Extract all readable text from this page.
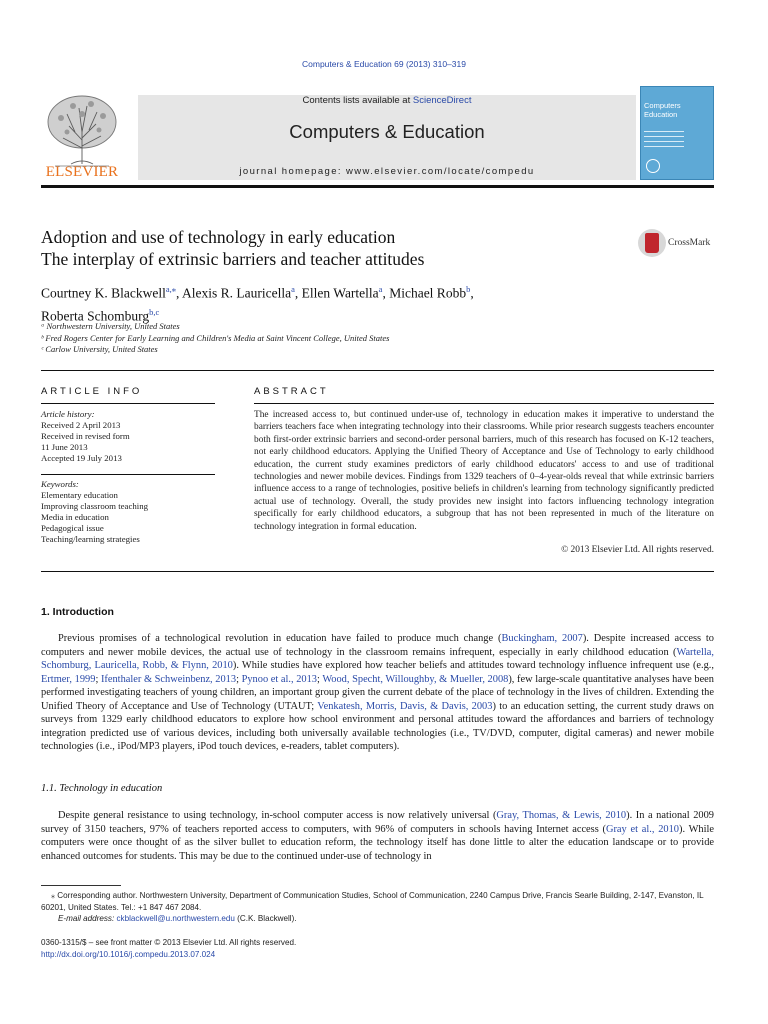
Computers & Education 69 (2013) 310–319
ELSEVIER
Contents lists available at ScienceDirect
Computers & Education
journal homepage: www.elsevier.com/locate/compedu
Computers
Education
Adoption and use of technology in early education
The interplay of extrinsic barriers and teacher attitudes
CrossMark
Courtney K. Blackwell$^{a,⁎}$, Alexis R. Lauricella$^a$, Ellen Wartella$^a$, Michael Robb$^b$,
Roberta Schomburg$^{b,c}$
ᵃ Northwestern University, United States
ᵇ Fred Rogers Center for Early Learning and Children's Media at Saint Vincent College, United States
ᶜ Carlow University, United States
ARTICLE INFO	ABSTRACT
Article history:
Received 2 April 2013
Received in revised form
11 June 2013
Accepted 19 July 2013
Keywords:
Elementary education
Improving classroom teaching
Media in education
Pedagogical issue
Teaching/learning strategies
The increased access to, but continued under-use of, technology in education makes it imperative to understand the barriers teachers face when integrating technology into their classrooms. While prior research suggests teachers encounter both first-order extrinsic barriers and second-order personal barriers, much of this research has focused on K-12 teachers, not early childhood educators. Applying the Unified Theory of Acceptance and Use of Technology to early childhood education, the current study examines predictors of early childhood educators' access to and use of traditional technologies and newer mobile devices. Findings from 1329 teachers of 0–4-year-olds reveal that while extrinsic barriers influence access to a range of technologies, positive beliefs in children's learning from technology significantly predicted actual use of technology. Overall, the study provides new insight into factors influencing technology integration specifically for early childhood educators, a subgroup that has not been represented in much of the literature on technology integration in formal education.
© 2013 Elsevier Ltd. All rights reserved.
1. Introduction
Previous promises of a technological revolution in education have failed to produce much change (Buckingham, 2007). Despite increased access to computers and newer mobile devices, the actual use of technology in the classroom remains infrequent, especially in early childhood education (Wartella, Schomburg, Lauricella, Robb, & Flynn, 2010). While studies have explored how teacher beliefs and attitudes toward technology influence infrequent use (e.g., Ertmer, 1999; Ifenthaler & Schweinbenz, 2013; Pynoo et al., 2013; Wood, Specht, Willoughby, & Mueller, 2008), few large-scale quantitative analyses have been performed investigating teachers of young children, an important group given the current debate of the place of technology in the lives of children. Extending the Unified Theory of Acceptance and Use of Technology (UTAUT; Venkatesh, Morris, Davis, & Davis, 2003) to an education setting, the current study draws on surveys from 1329 early childhood educators to explore how school environment and personal attitudes toward the affordances and barriers of technology integration predicted use of various devices, including both universally available technologies (i.e., TV/DVD, computer, digital cameras) and newer mobile technologies (i.e., iPod/MP3 players, iPod touch devices, e-readers, tablet computers).
1.1. Technology in education
Despite general resistance to using technology, in-school computer access is now relatively universal (Gray, Thomas, & Lewis, 2010). In a national 2009 survey of 3150 teachers, 97% of teachers reported access to computers, with 96% of computers in schools having Internet access (Gray et al., 2010). While computers were once thought of as the silver bullet to education reform, the technology itself has done little to alter the education landscape or to provide enhanced outcomes for students. This may be due to the continued under-use of technology in
⁎ Corresponding author. Northwestern University, Department of Communication Studies, School of Communication, 2240 Campus Drive, Francis Searle Building, 2-147, Evanston, IL 60201, United States. Tel.: +1 847 467 2084.
E-mail address: ckblackwell@u.northwestern.edu (C.K. Blackwell).
0360-1315/$ – see front matter © 2013 Elsevier Ltd. All rights reserved.
http://dx.doi.org/10.1016/j.compedu.2013.07.024
